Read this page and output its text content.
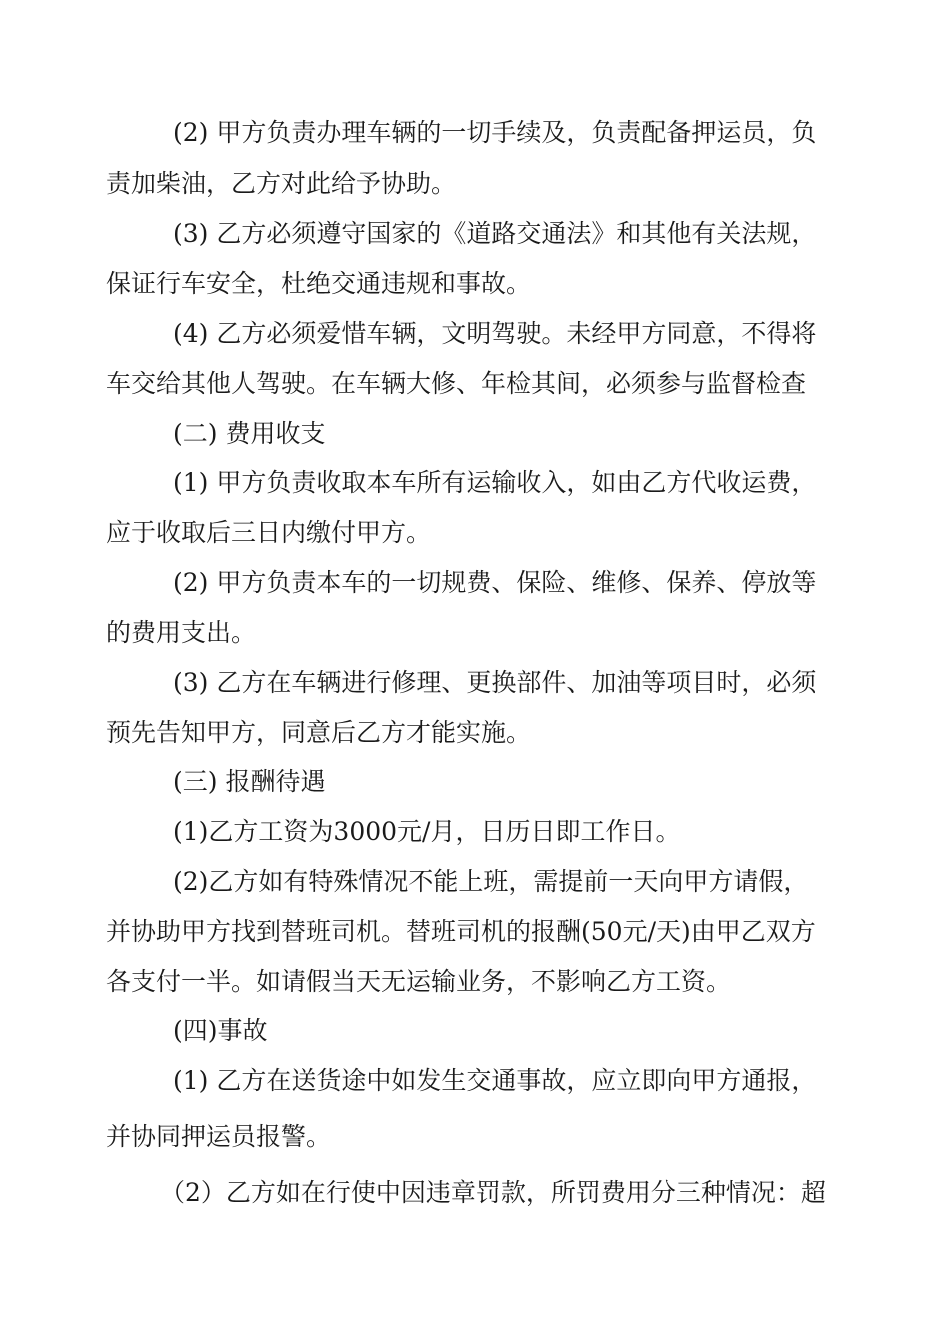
(2) 甲方负责办理车辆的一切手续及，负责配备押运员，负
责加柴油，乙方对此给予协助。
(3) 乙方必须遵守国家的《道路交通法》和其他有关法规，
保证行车安全，杜绝交通违规和事故。
(4) 乙方必须爱惜车辆，文明驾驶。未经甲方同意，不得将
车交给其他人驾驶。在车辆大修、年检其间，必须参与监督检查
(二) 费用收支
(1) 甲方负责收取本车所有运输收入，如由乙方代收运费，
应于收取后三日内缴付甲方。
(2) 甲方负责本车的一切规费、保险、维修、保养、停放等
的费用支出。
(3) 乙方在车辆进行修理、更换部件、加油等项目时，必须
预先告知甲方，同意后乙方才能实施。
(三) 报酬待遇
(1)乙方工资为3000元/月，日历日即工作日。
(2)乙方如有特殊情况不能上班，需提前一天向甲方请假，
并协助甲方找到替班司机。替班司机的报酬(50元/天)由甲乙双方
各支付一半。如请假当天无运输业务，不影响乙方工资。
(四)事故
(1) 乙方在送货途中如发生交通事故，应立即向甲方通报，
并协同押运员报警。
（2）乙方如在行使中因违章罚款，所罚费用分三种情况：超
